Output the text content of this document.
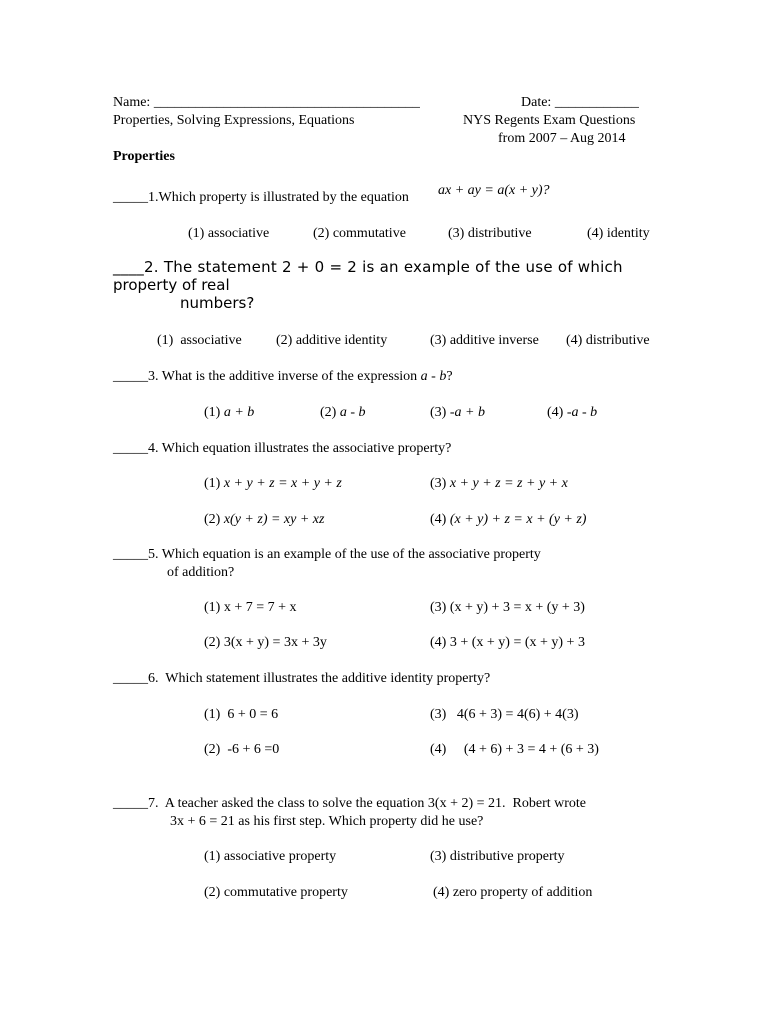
Name: ______________________________________	Date: ____________
Properties, Solving Expressions, Equations	NYS Regents Exam Questions
from 2007 – Aug 2014
Properties
_____1.Which property is illustrated by the equation ax + ay = a(x + y)?
(1) associative	(2) commutative	(3) distributive	(4) identity
____2. The statement 2 + 0 = 2 is an example of the use of which
property of real
numbers?
(1)  associative (2) additive identity	(3) additive inverse (4) distributive
_____3. What is the additive inverse of the expression a - b?
(1) a + b	(2) a - b	(3) -a + b	(4) -a - b
_____4. Which equation illustrates the associative property?
(1) x + y + z = x + y + z	(3) x + y + z = z + y + x
(2) x(y + z) = xy + xz	(4) (x + y) + z = x + (y + z)
_____5. Which equation is an example of the use of the associative property
of addition?
(1) x + 7 = 7 + x	(3) (x + y) + 3 = x + (y + 3)
(2) 3(x + y) = 3x + 3y	(4) 3 + (x + y) = (x + y) + 3
_____6.  Which statement illustrates the additive identity property?
(1)  6 + 0 = 6	(3)   4(6 + 3) = 4(6) + 4(3)
(2)  -6 + 6 =0	(4)     (4 + 6) + 3 = 4 + (6 + 3)
_____7.  A teacher asked the class to solve the equation 3(x + 2) = 21.  Robert wrote
3x + 6 = 21 as his first step. Which property did he use?
(1) associative property	(3) distributive property
(2) commutative property	(4) zero property of addition
